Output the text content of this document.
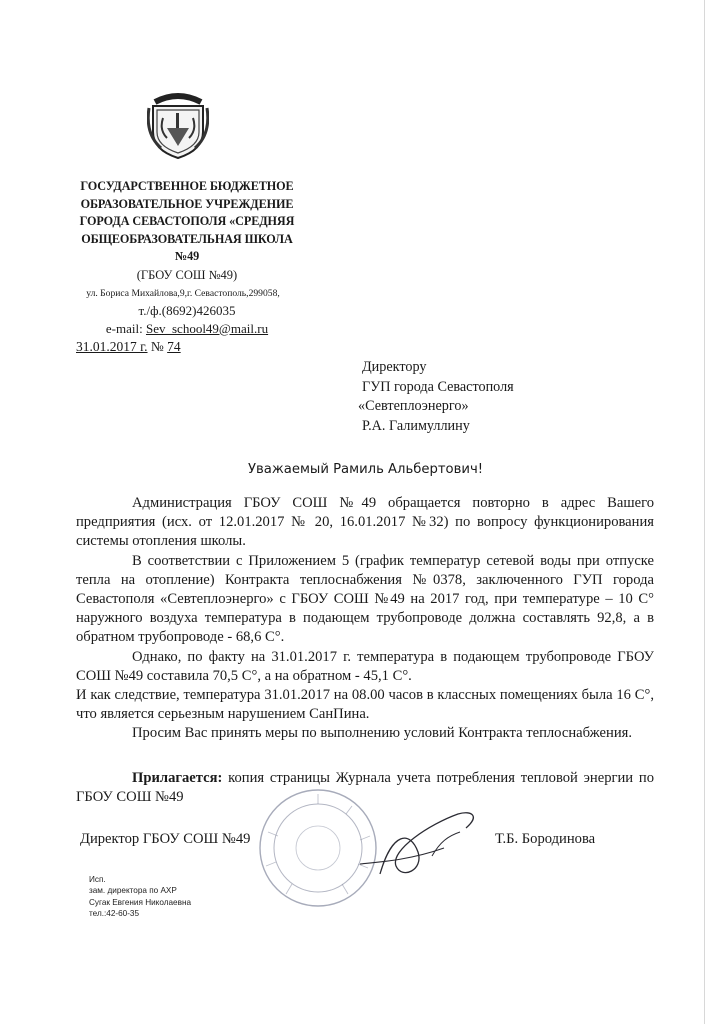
ГОСУДАРСТВЕННОЕ БЮДЖЕТНОЕ
ОБРАЗОВАТЕЛЬНОЕ УЧРЕЖДЕНИЕ
ГОРОДА СЕВАСТОПОЛЯ «СРЕДНЯЯ
ОБЩЕОБРАЗОВАТЕЛЬНАЯ ШКОЛА
№49
(ГБОУ СОШ №49)
ул. Бориса Михайлова,9,г. Севастополь,299058,
т./ф.(8692)426035
e-mail: Sev_school49@mail.ru
31.01.2017 г. № 74
Директору
ГУП города Севастополя
«Севтеплоэнерго»
Р.А. Галимуллину
Уважаемый Рамиль Альбертович!

Администрация ГБОУ СОШ №49 обращается повторно в адрес Вашего предприятия (исх. от 12.01.2017 № 20, 16.01.2017 №32) по вопросу функционирования системы отопления школы.

В соответствии с Приложением 5 (график температур сетевой воды при отпуске тепла на отопление) Контракта теплоснабжения №0378, заключенного ГУП города Севастополя «Севтеплоэнерго» с ГБОУ СОШ №49 на 2017 год, при температуре – 10 С° наружного воздуха температура в подающем трубопроводе должна составлять 92,8, а в обратном трубопроводе - 68,6 С°.

Однако, по факту на 31.01.2017 г. температура в подающем трубопроводе ГБОУ СОШ №49 составила 70,5 С°, а на обратном - 45,1 С°.

И как следствие, температура 31.01.2017 на 08.00 часов в классных помещениях была 16 С°, что является серьезным нарушением СанПина.

Просим Вас принять меры по выполнению условий Контракта теплоснабжения.

Прилагается: копия страницы Журнала учета потребления тепловой энергии по ГБОУ СОШ №49

Директор ГБОУ СОШ №49	Т.Б. Бородинова
Исп.
зам. директора по АХР
Сугак Евгения Николаевна
тел.:42-60-35
